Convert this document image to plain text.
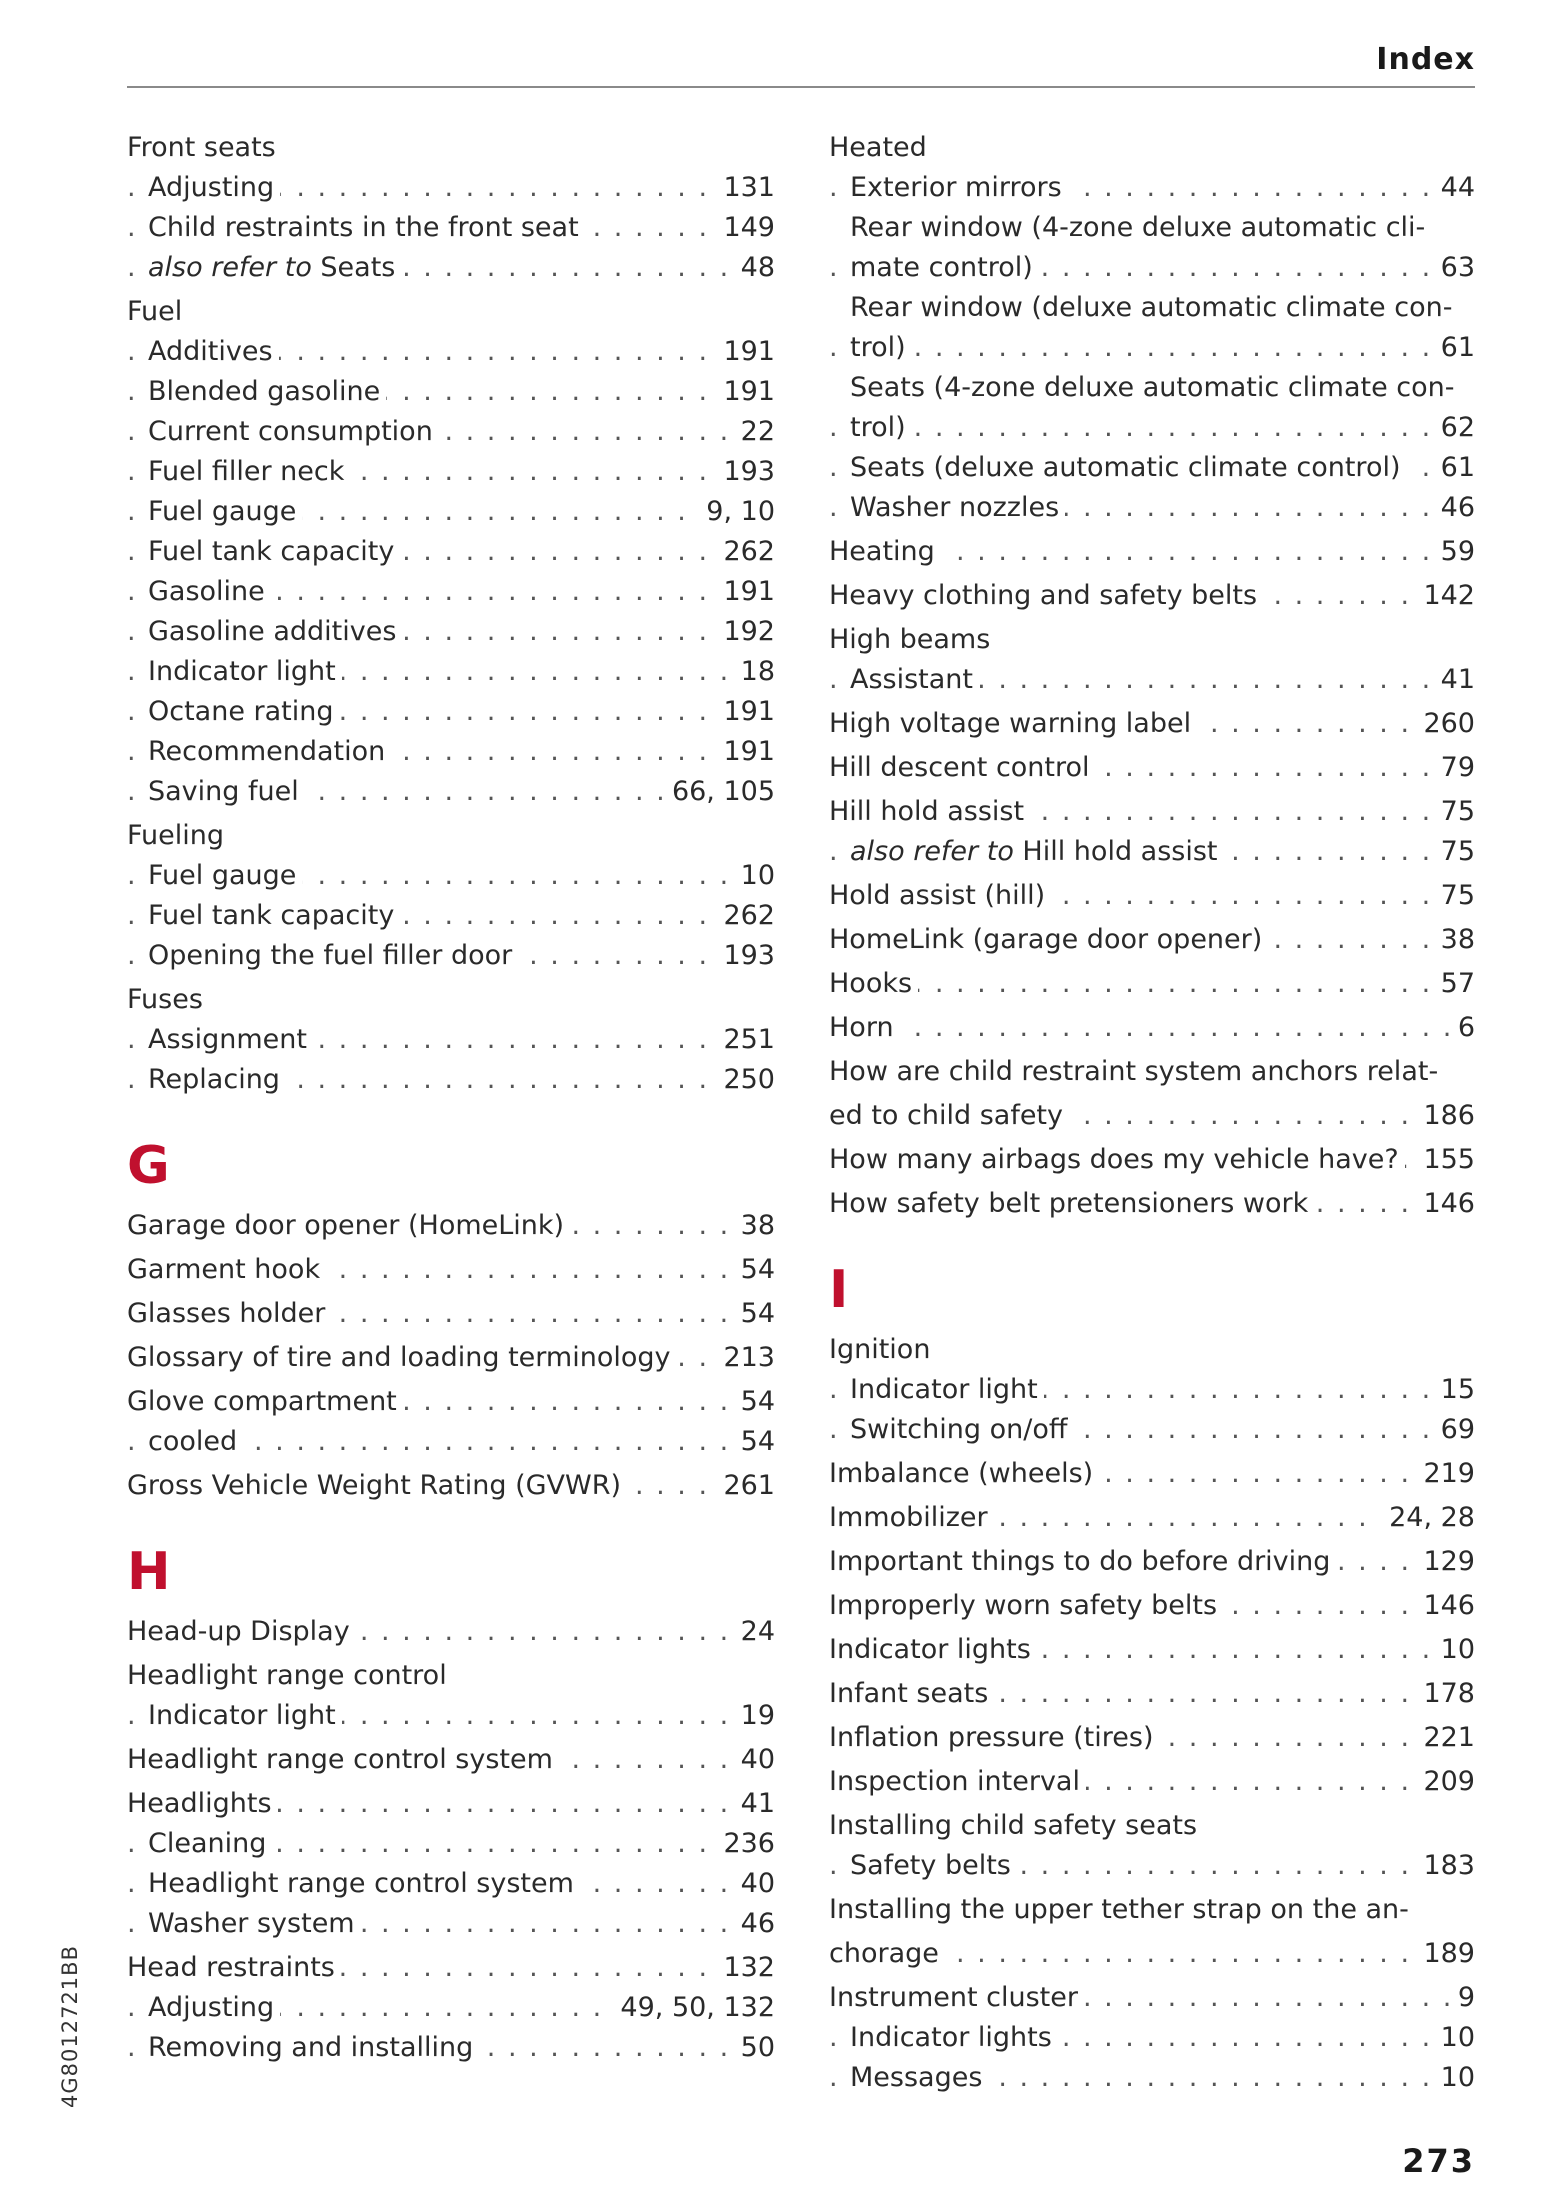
Index
Front seats
. . . Adjusting	131
. . . Child restraints in the front seat	149
. . . also refer to Seats	48
Fuel
. . . Additives	191
. . . Blended gasoline	191
. . . Current consumption	22
. . . Fuel filler neck	193
. . . Fuel gauge	9, 10
. . . Fuel tank capacity	262
. . . Gasoline	191
. . . Gasoline additives	192
. . . Indicator light	18
. . . Octane rating	191
. . . Recommendation	191
. . . Saving fuel	66, 105
Fueling
. . . Fuel gauge	10
. . . Fuel tank capacity	262
. . . Opening the fuel filler door	193
Fuses
. . . Assignment	251
. . . Replacing	250
G
. . . Garage door opener (HomeLink)	38
. . . Garment hook	54
. . . Glasses holder	54
. . . Glossary of tire and loading terminology 213
. . . Glove compartment	54
. . . cooled	54
. . . Gross Vehicle Weight Rating (GVWR)	261
H
. . . Head-up Display	24
Headlight range control
. . . Indicator light	19
. . . Headlight range control system	40
. . . Headlights	41
. . . Cleaning	236
. . . Headlight range control system	40
. . . Washer system	46
. . . Head restraints	132
. . . Adjusting	49, 50, 132
. . . Removing and installing	50
Heated
. . . Exterior mirrors	44
Rear window (4-zone deluxe automatic cli-
. . . mate control)	63
Rear window (deluxe automatic climate con-
. . . trol)	61
Seats (4-zone deluxe automatic climate con-
. . . trol)	62
. . . Seats (deluxe automatic climate control) 61
. . . Washer nozzles	46
. . . Heating	59
. . . Heavy clothing and safety belts	142
High beams
. . . Assistant	41
. . . High voltage warning label	260
. . . Hill descent control	79
. . . Hill hold assist	75
. . . also refer to Hill hold assist	75
. . . Hold assist (hill)	75
. . . HomeLink (garage door opener)	38
. . . Hooks	57
. . . Horn	6
How are child restraint system anchors relat-
. . . ed to child safety	186
. . . How many airbags does my vehicle have? 155
. . . How safety belt pretensioners work	146
I
Ignition
. . . Indicator light	15
. . . Switching on/off	69
. . . Imbalance (wheels)	219
. . . Immobilizer	24, 28
. . . Important things to do before driving	129
. . . Improperly worn safety belts	146
. . . Indicator lights	10
. . . Infant seats	178
. . . Inflation pressure (tires)	221
. . . Inspection interval	209
Installing child safety seats
. . . Safety belts	183
Installing the upper tether strap on the an-
. . . chorage	189
. . . Instrument cluster	9
. . . Indicator lights	10
. . . Messages	10
4G8012721BB
273
